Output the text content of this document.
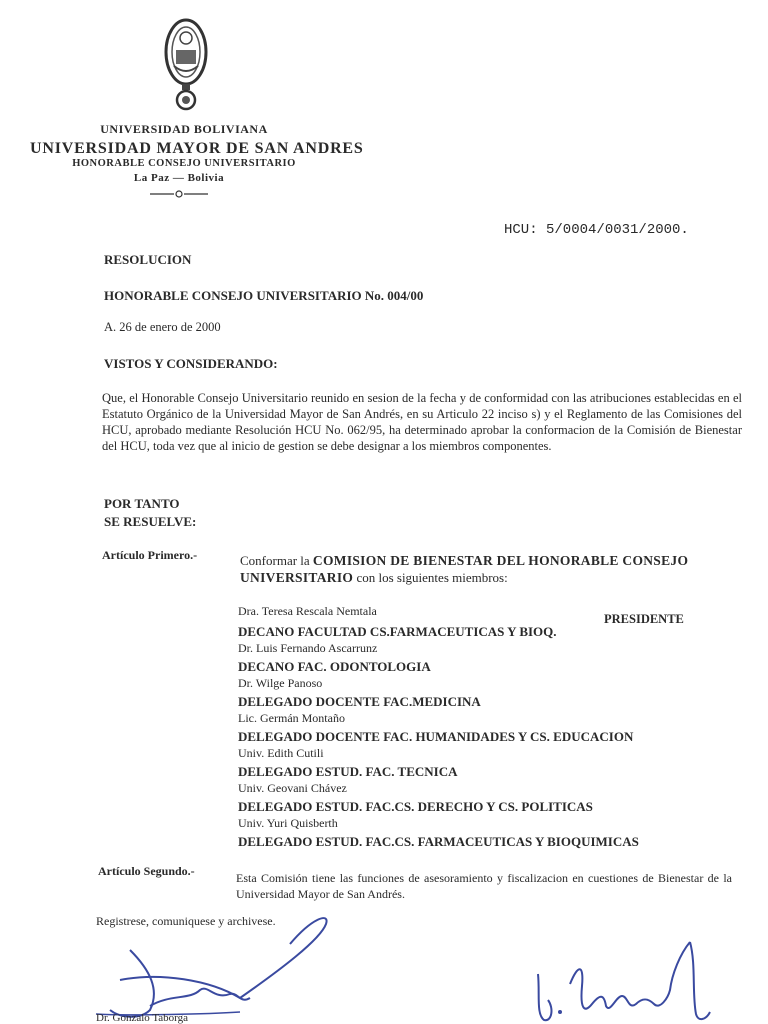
UNIVERSIDAD BOLIVIANA
UNIVERSIDAD MAYOR DE SAN ANDRES
HONORABLE CONSEJO UNIVERSITARIO
La Paz — Bolivia
HCU: 5/0004/0031/2000.
RESOLUCION
HONORABLE CONSEJO UNIVERSITARIO No. 004/00
A. 26 de enero de 2000
VISTOS Y CONSIDERANDO:
Que, el Honorable Consejo Universitario reunido en sesion de la fecha y de conformidad con las atribuciones establecidas en el Estatuto Orgánico de la Universidad Mayor de San Andrés, en su Articulo 22 inciso s) y el Reglamento de las Comisiones del HCU, aprobado mediante Resolución HCU No. 062/95, ha determinado aprobar la conformacion de la Comisión de Bienestar del HCU, toda vez que al inicio de gestion se debe designar a los miembros componentes.
POR TANTO
SE RESUELVE:
Artículo Primero.-	Conformar la COMISION DE BIENESTAR DEL HONORABLE CONSEJO UNIVERSITARIO con los siguientes miembros:
PRESIDENTE
Dra. Teresa Rescala Nemtala
DECANO FACULTAD CS.FARMACEUTICAS Y BIOQ.
Dr. Luis Fernando Ascarrunz
DECANO FAC. ODONTOLOGIA
Dr. Wilge Panoso
DELEGADO DOCENTE FAC.MEDICINA
Lic. Germán Montaño
DELEGADO DOCENTE FAC. HUMANIDADES Y CS. EDUCACION
Univ. Edith Cutili
DELEGADO ESTUD. FAC. TECNICA
Univ. Geovani Chávez
DELEGADO ESTUD. FAC.CS. DERECHO Y CS. POLITICAS
Univ. Yuri Quisberth
DELEGADO ESTUD. FAC.CS. FARMACEUTICAS Y BIOQUIMICAS
Artículo Segundo.-	Esta Comisión tiene las funciones de asesoramiento y fiscalizacion en cuestiones de Bienestar de la Universidad Mayor de San Andrés.
Registrese, comuniquese y archivese.
Dr. Gonzalo Taborga
